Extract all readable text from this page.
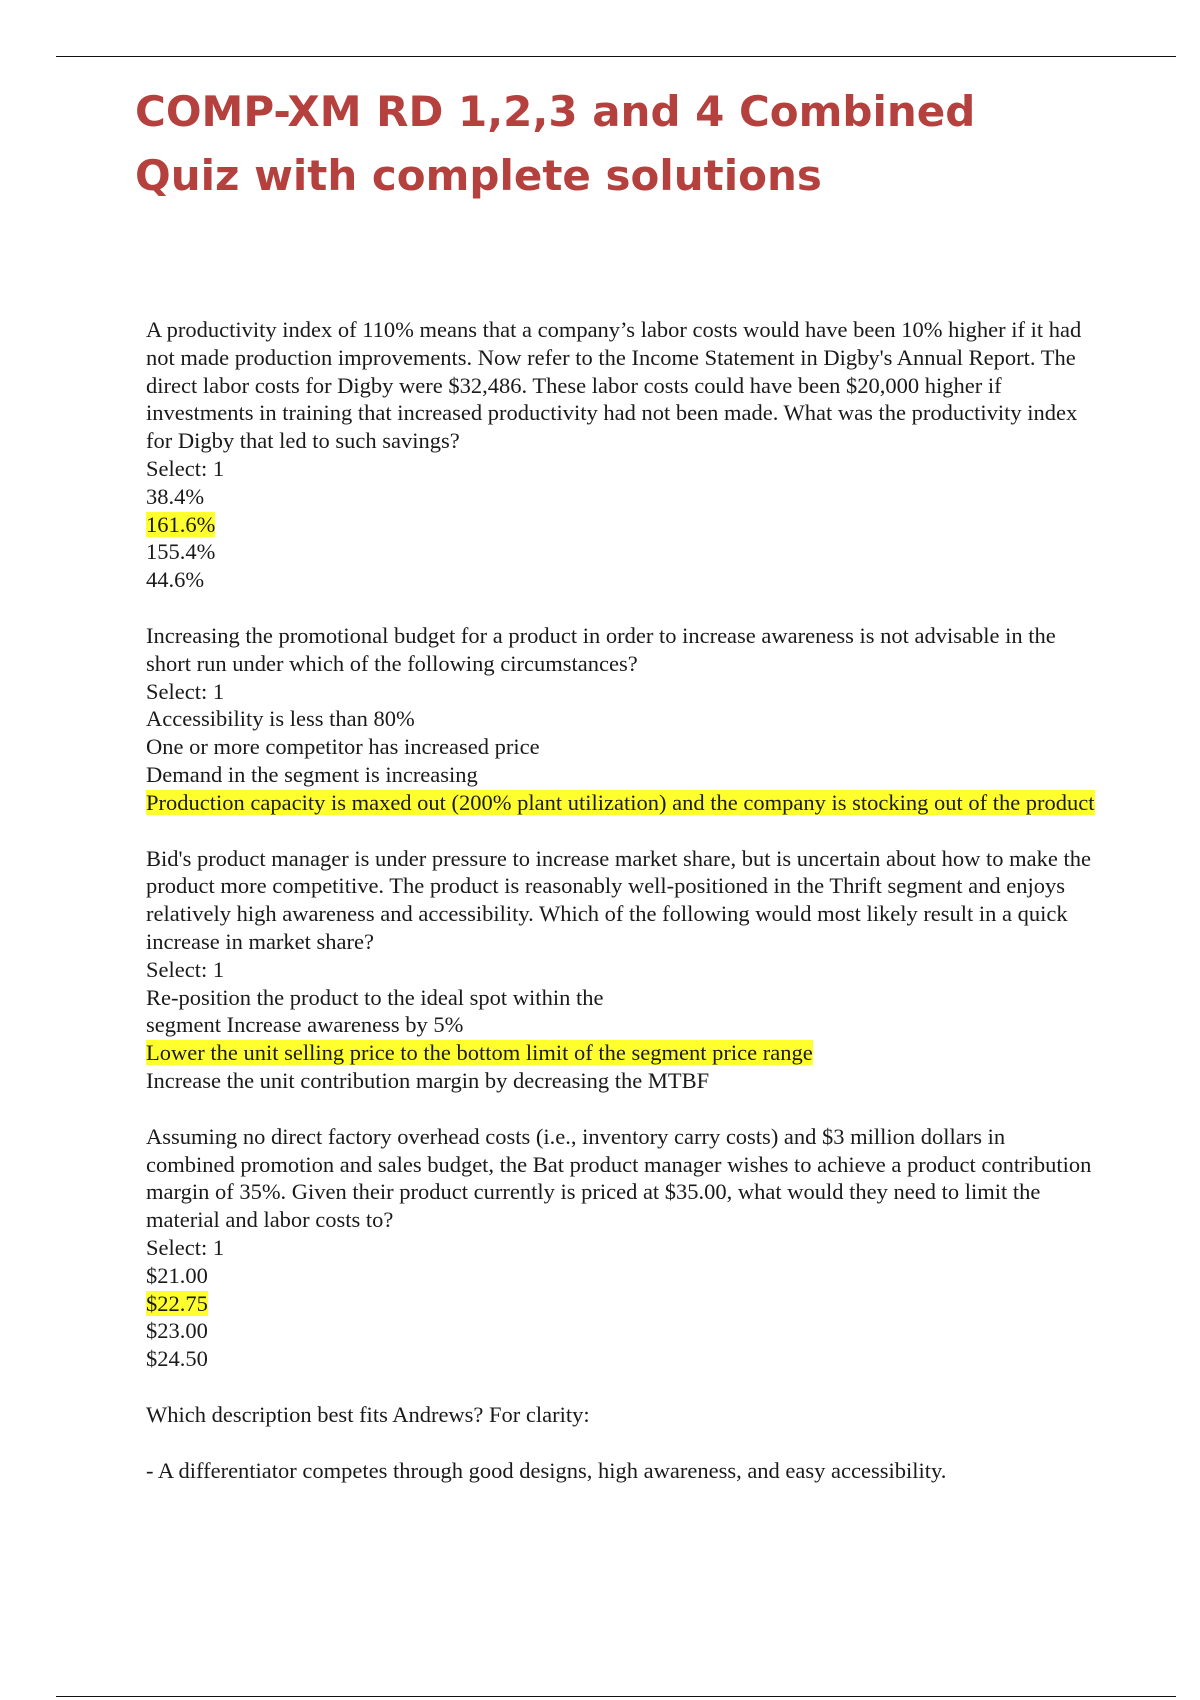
COMP-XM RD 1,2,3 and 4 Combined
Quiz with complete solutions

A productivity index of 110% means that a company’s labor costs would have been 10% higher if it had not made production improvements. Now refer to the Income Statement in Digby's Annual Report. The direct labor costs for Digby were $32,486. These labor costs could have been $20,000 higher if investments in training that increased productivity had not been made. What was the productivity index for Digby that led to such savings?

Select: 1

38.4%
161.6%
155.4%
44.6%

Increasing the promotional budget for a product in order to increase awareness is not advisable in the short run under which of the following circumstances?

Select: 1

Accessibility is less than 80%
One or more competitor has increased price
Demand in the segment is increasing
Production capacity is maxed out (200% plant utilization) and the company is stocking out of the product

Bid's product manager is under pressure to increase market share, but is uncertain about how to make the product more competitive. The product is reasonably well-positioned in the Thrift segment and enjoys relatively high awareness and accessibility. Which of the following would most likely result in a quick increase in market share?

Select: 1

Re-position the product to the ideal spot within the
segment Increase awareness by 5%
Lower the unit selling price to the bottom limit of the segment price range
Increase the unit contribution margin by decreasing the MTBF

Assuming no direct factory overhead costs (i.e., inventory carry costs) and $3 million dollars in combined promotion and sales budget, the Bat product manager wishes to achieve a product contribution margin of 35%. Given their product currently is priced at $35.00, what would they need to limit the material and labor costs to?

Select: 1

$21.00
$22.75
$23.00
$24.50

Which description best fits Andrews? For clarity:

- A differentiator competes through good designs, high awareness, and easy accessibility.
